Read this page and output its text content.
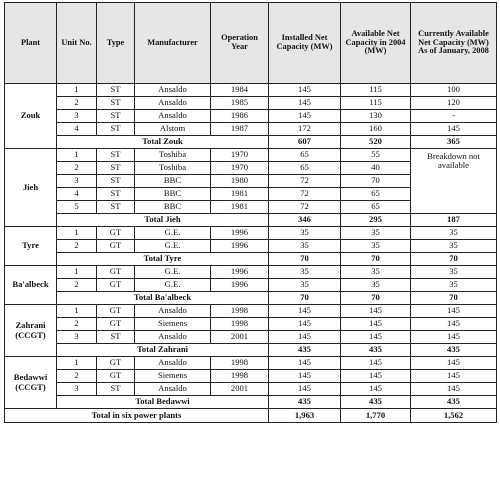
Plant	Unit No.	Type	Manufacturer	Operation Year	Installed Net Capacity (MW)	Available Net Capacity in 2004 (MW)	Currently Available Net Capacity (MW) As of January, 2008

Zouk	1	ST	Ansaldo	1984	145	115	100
	2	ST	Ansaldo	1985	145	115	120
	3	ST	Ansaldo	1986	145	130	-
	4	ST	Alstom	1987	172	160	145
	Total Zouk				607	520	365

Jieh	1	ST	Toshiba	1970	65	55	Breakdown not available
	2	ST	Toshiba	1970	65	40	
	3	ST	BBC	1980	72	70	
	4	ST	BBC	1981	72	65	
	5	ST	BBC	1981	72	65	
	Total Jieh				346	295	187

Tyre	1	GT	G.E.	1996	35	35	35
	2	GT	G.E.	1996	35	35	35
	Total Tyre				70	70	70

Ba'albeck	1	GT	G.E.	1996	35	35	35
	2	GT	G.E.	1996	35	35	35
	Total Ba'albeck				70	70	70

Zahrani
(CCGT)	1	GT	Ansaldo	1998	145	145	145
	2	GT	Siemens	1998	145	145	145
	3	ST	Ansaldo	2001	145	145	145
	Total Zahrani				435	435	435

Bedawwi
(CCGT)	1	GT	Ansaldo	1998	145	145	145
	2	GT	Siemens	1998	145	145	145
	3	ST	Ansaldo	2001	145	145	145
	Total Bedawwi				435	435	435
Total in six power plants					1,963	1,770	1,562
